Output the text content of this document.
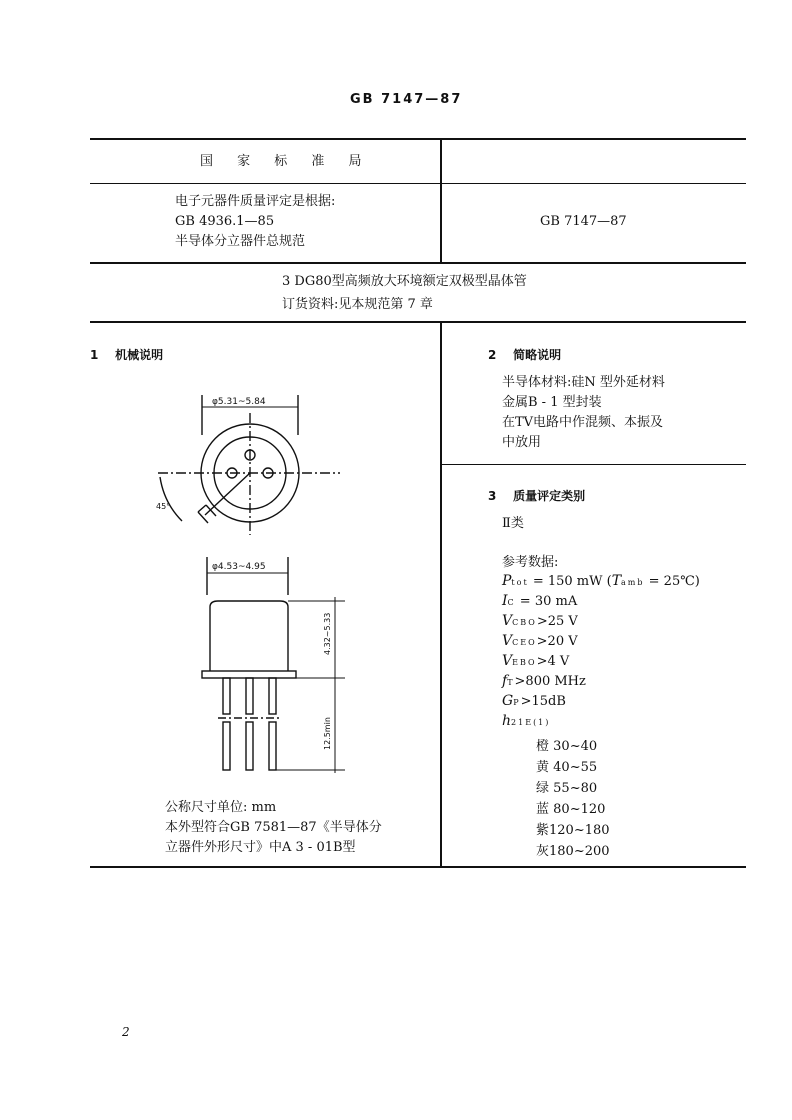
GB 7147—87
国 家 标 准 局
电子元器件质量评定是根据:
GB 4936.1—85
半导体分立器件总规范
GB 7147—87
3 DG80型高频放大环境额定双极型晶体管
订货资料:见本规范第 7 章
1 机械说明
φ5.31~5.84
45°
φ4.53~4.95
4.32~5.33
12.5min
公称尺寸单位: mm
本外型符合GB 7581—87《半导体分
立器件外形尺寸》中A 3 - 01B型
2 简略说明
半导体材料:硅N 型外延材料
金属B - 1 型封装
在TV电路中作混频、本振及
中放用
3 质量评定类别
Ⅱ类
参考数据:
Ptot = 150 mW (Tamb = 25℃)
IC = 30 mA
VCBO>25 V
VCEO>20 V
VEBO>4 V
fT>800 MHz
GP>15dB
h21E(1)
橙 30~40
黄 40~55
绿 55~80
蓝 80~120
紫120~180
灰180~200
2
